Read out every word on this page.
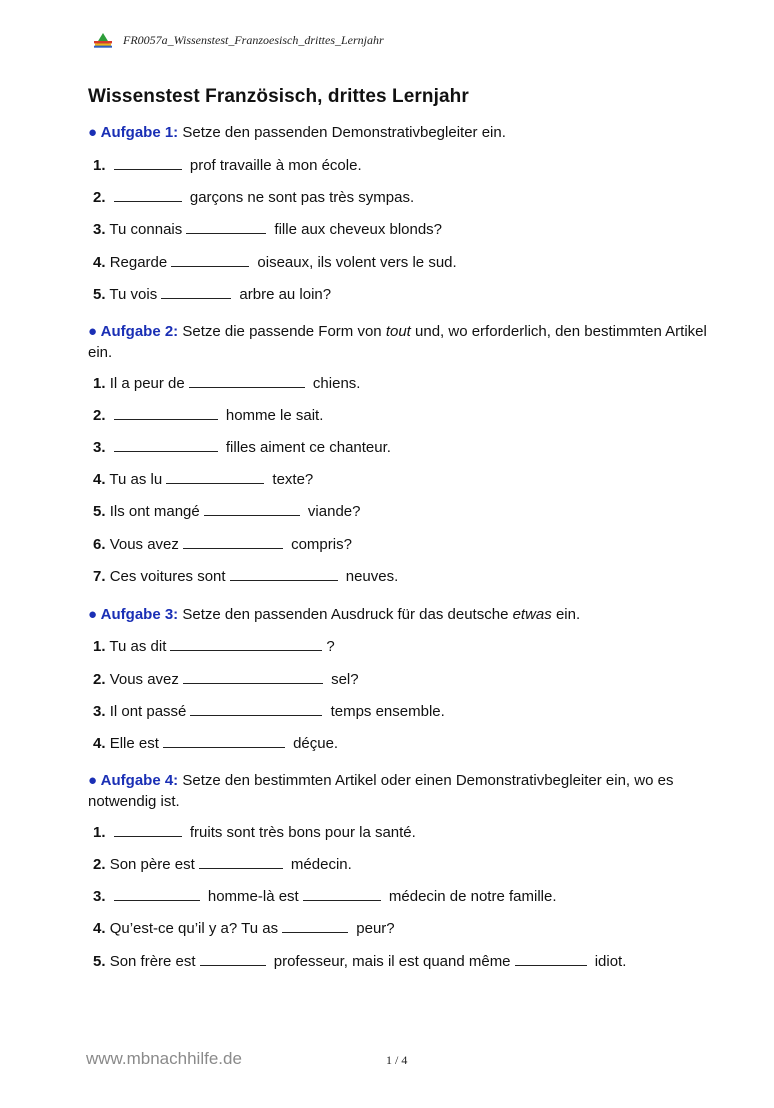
FR0057a_Wissenstest_Franzoesisch_drittes_Lernjahr
Wissenstest Französisch, drittes Lernjahr
● Aufgabe 1: Setze den passenden Demonstrativbegleiter ein.
1.	prof travaille à mon école.
2.	garçons ne sont pas très sympas.
3. Tu connais	fille aux cheveux blonds?
4. Regarde	oiseaux, ils volent vers le sud.
5. Tu vois	arbre au loin?
● Aufgabe 2: Setze die passende Form von tout und, wo erforderlich, den bestimmten Artikel ein.
1. Il a peur de	chiens.
2.	homme le sait.
3.	filles aiment ce chanteur.
4. Tu as lu	texte?
5. Ils ont mangé	viande?
6. Vous avez	compris?
7. Ces voitures sont	neuves.
● Aufgabe 3: Setze den passenden Ausdruck für das deutsche etwas ein.
1. Tu as dit	?
2. Vous avez	sel?
3. Il ont passé	temps ensemble.
4. Elle est	déçue.
● Aufgabe 4: Setze den bestimmten Artikel oder einen Demonstrativbegleiter ein, wo es notwendig ist.
1.	fruits sont très bons pour la santé.
2. Son père est	médecin.
3.	homme-là est	médecin de notre famille.
4. Qu’est-ce qu’il y a? Tu as	peur?
5. Son frère est	professeur, mais il est quand même	idiot.
www.mbnachhilfe.de	1 / 4
